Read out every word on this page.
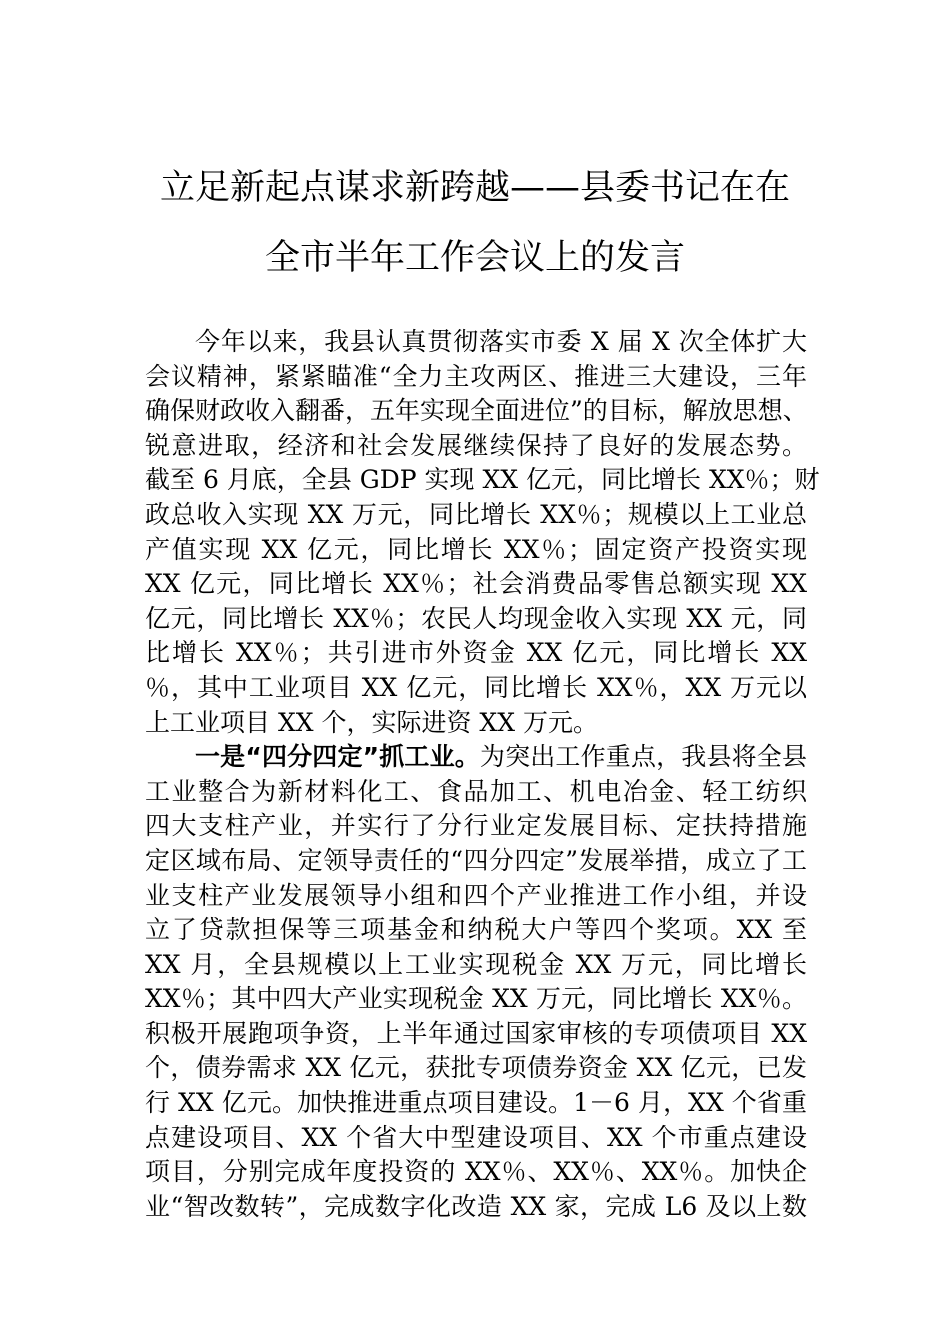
立足新起点谋求新跨越——县委书记在在
全市半年工作会议上的发言
今年以来，我县认真贯彻落实市委 X 届 X 次全体扩大
会议精神，紧紧瞄准“全力主攻两区、推进三大建设，三年
确保财政收入翻番，五年实现全面进位”的目标，解放思想、
锐意进取，经济和社会发展继续保持了良好的发展态势。
截至 6 月底，全县 GDP 实现 XX 亿元，同比增长 XX％；财
政总收入实现 XX 万元，同比增长 XX％；规模以上工业总
产值实现 XX 亿元，同比增长 XX％；固定资产投资实现
XX 亿元，同比增长 XX％；社会消费品零售总额实现 XX
亿元，同比增长 XX％；农民人均现金收入实现 XX 元，同
比增长 XX％；共引进市外资金 XX 亿元，同比增长 XX
％，其中工业项目 XX 亿元，同比增长 XX％，XX 万元以
上工业项目 XX 个，实际进资 XX 万元。
一是“四分四定”抓工业。为突出工作重点，我县将全县
工业整合为新材料化工、食品加工、机电冶金、轻工纺织
四大支柱产业，并实行了分行业定发展目标、定扶持措施
定区域布局、定领导责任的“四分四定”发展举措，成立了工
业支柱产业发展领导小组和四个产业推进工作小组，并设
立了贷款担保等三项基金和纳税大户等四个奖项。XX 至
XX 月，全县规模以上工业实现税金 XX 万元，同比增长
XX％；其中四大产业实现税金 XX 万元，同比增长 XX％。
积极开展跑项争资，上半年通过国家审核的专项债项目 XX
个，债券需求 XX 亿元，获批专项债券资金 XX 亿元，已发
行 XX 亿元。加快推进重点项目建设。1－6 月，XX 个省重
点建设项目、XX 个省大中型建设项目、XX 个市重点建设
项目，分别完成年度投资的 XX％、XX％、XX％。加快企
业“智改数转”，完成数字化改造 XX 家，完成 L6 及以上数
